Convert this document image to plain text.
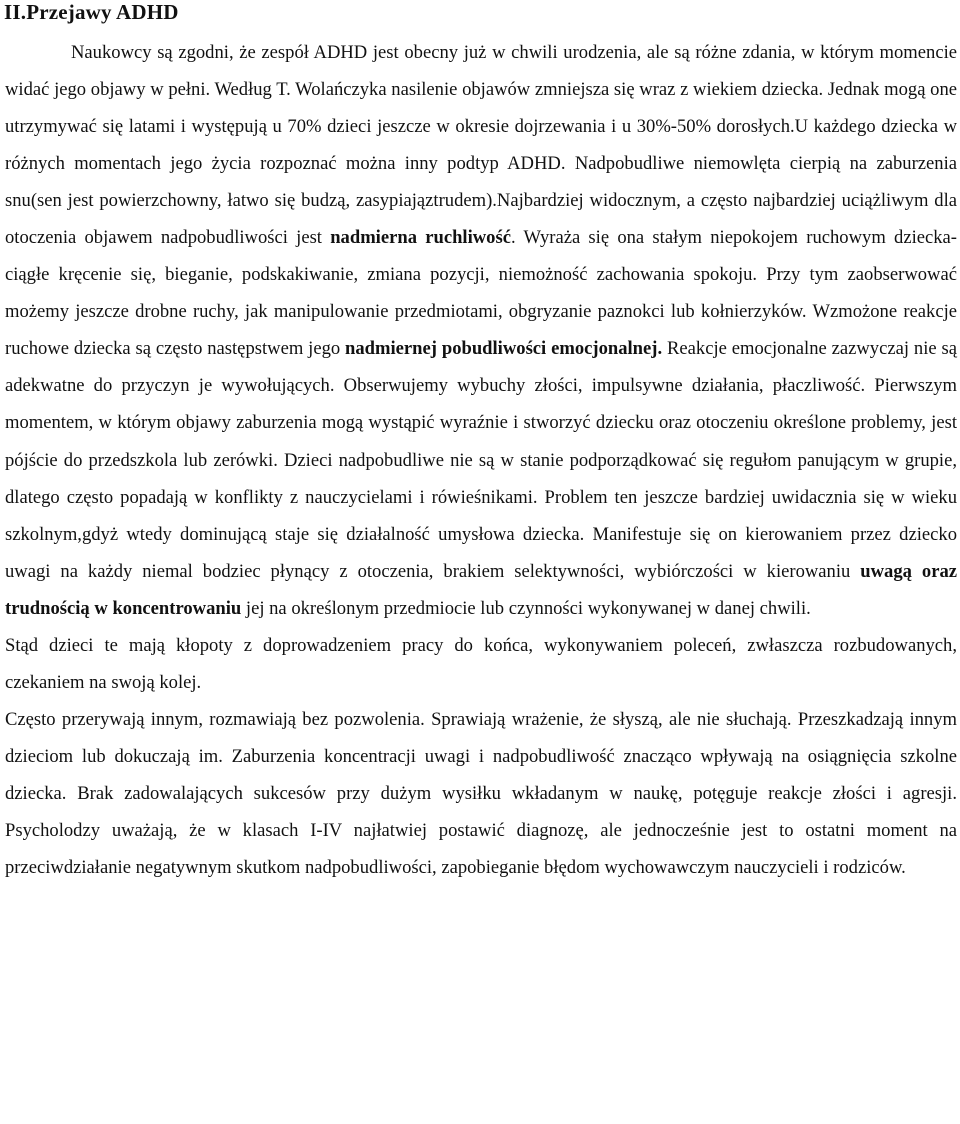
II.Przejawy ADHD

Naukowcy są zgodni, że zespół ADHD jest obecny już w chwili urodzenia, ale są różne zdania, w którym momencie widać jego objawy w pełni. Według T. Wolańczyka nasilenie objawów zmniejsza się wraz z wiekiem dziecka. Jednak mogą one utrzymywać się latami i występują u 70% dzieci jeszcze w okresie dojrzewania i u 30%-50% dorosłych.U każdego dziecka w różnych momentach jego życia rozpoznać można inny podtyp ADHD. Nadpobudliwe niemowlęta cierpią na zaburzenia snu(sen jest powierzchowny, łatwo się budzą, zasypiająztrudem).Najbardziej widocznym, a często najbardziej uciążliwym dla otoczenia objawem nadpobudliwości jest nadmierna ruchliwość. Wyraża się ona stałym niepokojem ruchowym dziecka- ciągłe kręcenie się, bieganie, podskakiwanie, zmiana pozycji, niemożność zachowania spokoju. Przy tym zaobserwować możemy jeszcze drobne ruchy, jak manipulowanie przedmiotami, obgryzanie paznokci lub kołnierzyków. Wzmożone reakcje ruchowe dziecka są często następstwem jego nadmiernej pobudliwości emocjonalnej. Reakcje emocjonalne zazwyczaj nie są adekwatne do przyczyn je wywołujących. Obserwujemy wybuchy złości, impulsywne działania, płaczliwość. Pierwszym momentem, w którym objawy zaburzenia mogą wystąpić wyraźnie i stworzyć dziecku oraz otoczeniu określone problemy, jest pójście do przedszkola lub zerówki. Dzieci nadpobudliwe nie są w stanie podporządkować się regułom panującym w grupie, dlatego często popadają w konflikty z nauczycielami i rówieśnikami. Problem ten jeszcze bardziej uwidacznia się w wieku szkolnym,gdyż wtedy dominującą staje się działalność umysłowa dziecka. Manifestuje się on kierowaniem przez dziecko uwagi na każdy niemal bodziec płynący z otoczenia, brakiem selektywności, wybiórczości w kierowaniu uwagą oraz trudnością w koncentrowaniu jej na określonym przedmiocie lub czynności wykonywanej w danej chwili.

Stąd dzieci te mają kłopoty z doprowadzeniem pracy do końca, wykonywaniem poleceń, zwłaszcza rozbudowanych, czekaniem na swoją kolej.

Często przerywają innym, rozmawiają bez pozwolenia. Sprawiają wrażenie, że słyszą, ale nie słuchają. Przeszkadzają innym dzieciom lub dokuczają im. Zaburzenia koncentracji uwagi i nadpobudliwość znacząco wpływają na osiągnięcia szkolne dziecka. Brak zadowalających sukcesów przy dużym wysiłku wkładanym w naukę, potęguje reakcje złości i agresji. Psycholodzy uważają, że w klasach I-IV najłatwiej postawić diagnozę, ale jednocześnie jest to ostatni moment na przeciwdziałanie negatywnym skutkom nadpobudliwości, zapobieganie błędom wychowawczym nauczycieli i rodziców.
